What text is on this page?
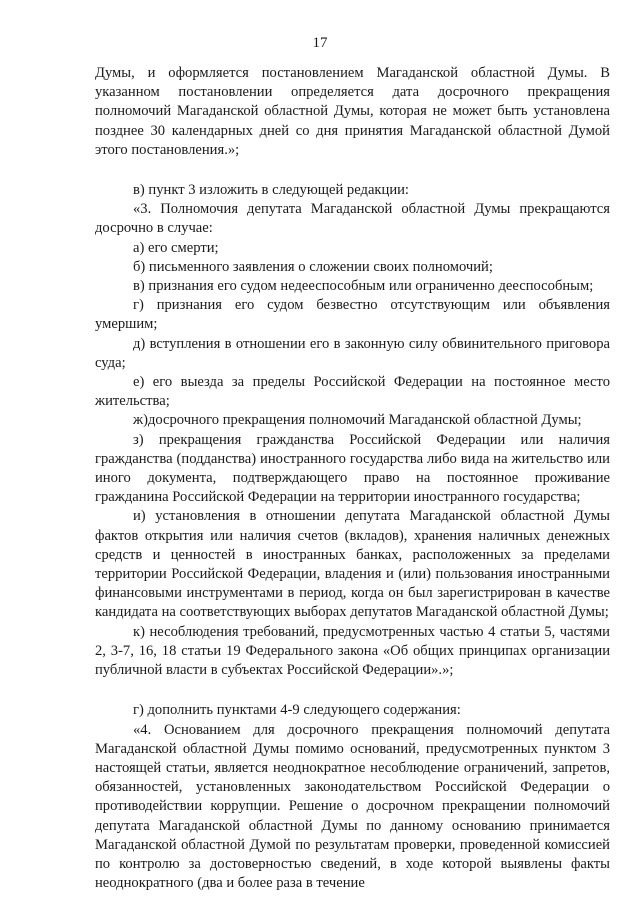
17

Думы, и оформляется постановлением Магаданской областной Думы. В указанном постановлении определяется дата досрочного прекращения полномочий Магаданской областной Думы, которая не может быть установлена позднее 30 календарных дней со дня принятия Магаданской областной Думой этого постановления.»;

в) пункт 3 изложить в следующей редакции:

«3. Полномочия депутата Магаданской областной Думы прекращаются досрочно в случае:

а) его смерти;

б) письменного заявления о сложении своих полномочий;

в) признания его судом недееспособным или ограниченно дееспособным;

г) признания его судом безвестно отсутствующим или объявления умершим;

д) вступления в отношении его в законную силу обвинительного приговора суда;

е) его выезда за пределы Российской Федерации на постоянное место жительства;

ж)досрочного прекращения полномочий Магаданской областной Думы;

з) прекращения гражданства Российской Федерации или наличия гражданства (подданства) иностранного государства либо вида на жительство или иного документа, подтверждающего право на постоянное проживание гражданина Российской Федерации на территории иностранного государства;

и) установления в отношении депутата Магаданской областной Думы фактов открытия или наличия счетов (вкладов), хранения наличных денежных средств и ценностей в иностранных банках, расположенных за пределами территории Российской Федерации, владения и (или) пользования иностранными финансовыми инструментами в период, когда он был зарегистрирован в качестве кандидата на соответствующих выборах депутатов Магаданской областной Думы;

к) несоблюдения требований, предусмотренных частью 4 статьи 5, частями 2, 3-7, 16, 18 статьи 19 Федерального закона «Об общих принципах организации публичной власти в субъектах Российской Федерации».»;

г) дополнить пунктами 4-9 следующего содержания:

«4. Основанием для досрочного прекращения полномочий депутата Магаданской областной Думы помимо оснований, предусмотренных пунктом 3 настоящей статьи, является неоднократное несоблюдение ограничений, запретов, обязанностей, установленных законодательством Российской Федерации о противодействии коррупции. Решение о досрочном прекращении полномочий депутата Магаданской областной Думы по данному основанию принимается Магаданской областной Думой по результатам проверки, проведенной комиссией по контролю за достоверностью сведений, в ходе которой выявлены факты неоднократного (два и более раза в течение
